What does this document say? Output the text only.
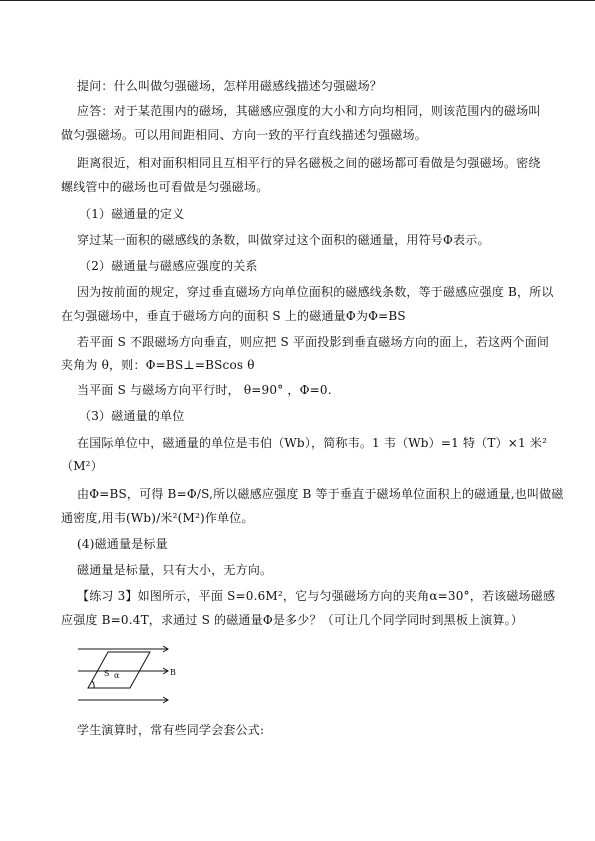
提问：什么叫做匀强磁场，怎样用磁感线描述匀强磁场？
应答：对于某范围内的磁场，其磁感应强度的大小和方向均相同，则该范围内的磁场叫
做匀强磁场。可以用间距相同、方向一致的平行直线描述匀强磁场。
距离很近，相对面积相同且互相平行的异名磁极之间的磁场都可看做是匀强磁场。密绕
螺线管中的磁场也可看做是匀强磁场。
（1）磁通量的定义
穿过某一面积的磁感线的条数，叫做穿过这个面积的磁通量，用符号Φ表示。
（2）磁通量与磁感应强度的关系
因为按前面的规定，穿过垂直磁场方向单位面积的磁感线条数，等于磁感应强度 B，所以
在匀强磁场中，垂直于磁场方向的面积 S 上的磁通量Φ为Φ=BS
若平面 S 不跟磁场方向垂直，则应把 S 平面投影到垂直磁场方向的面上，若这两个面间
夹角为 θ，则：Φ=BS⊥=BScos θ
当平面 S 与磁场方向平行时， θ=90° ，Φ=0.
（3）磁通量的单位
在国际单位中，磁通量的单位是韦伯（Wb），简称韦。1 韦（Wb）=1 特（T）×1 米²
（M²）
由Φ=BS，可得 B=Φ/S,所以磁感应强度 B 等于垂直于磁场单位面积上的磁通量,也叫做磁
通密度,用韦(Wb)/米²(M²)作单位。
(4)磁通量是标量
磁通量是标量，只有大小，无方向。
【练习 3】如图所示，平面 S=0.6M²，它与匀强磁场方向的夹角α=30°，若该磁场磁感
应强度 B=0.4T，求通过 S 的磁通量Φ是多少？（可让几个同学同时到黑板上演算。）
S α	B
学生演算时，常有些同学会套公式:
